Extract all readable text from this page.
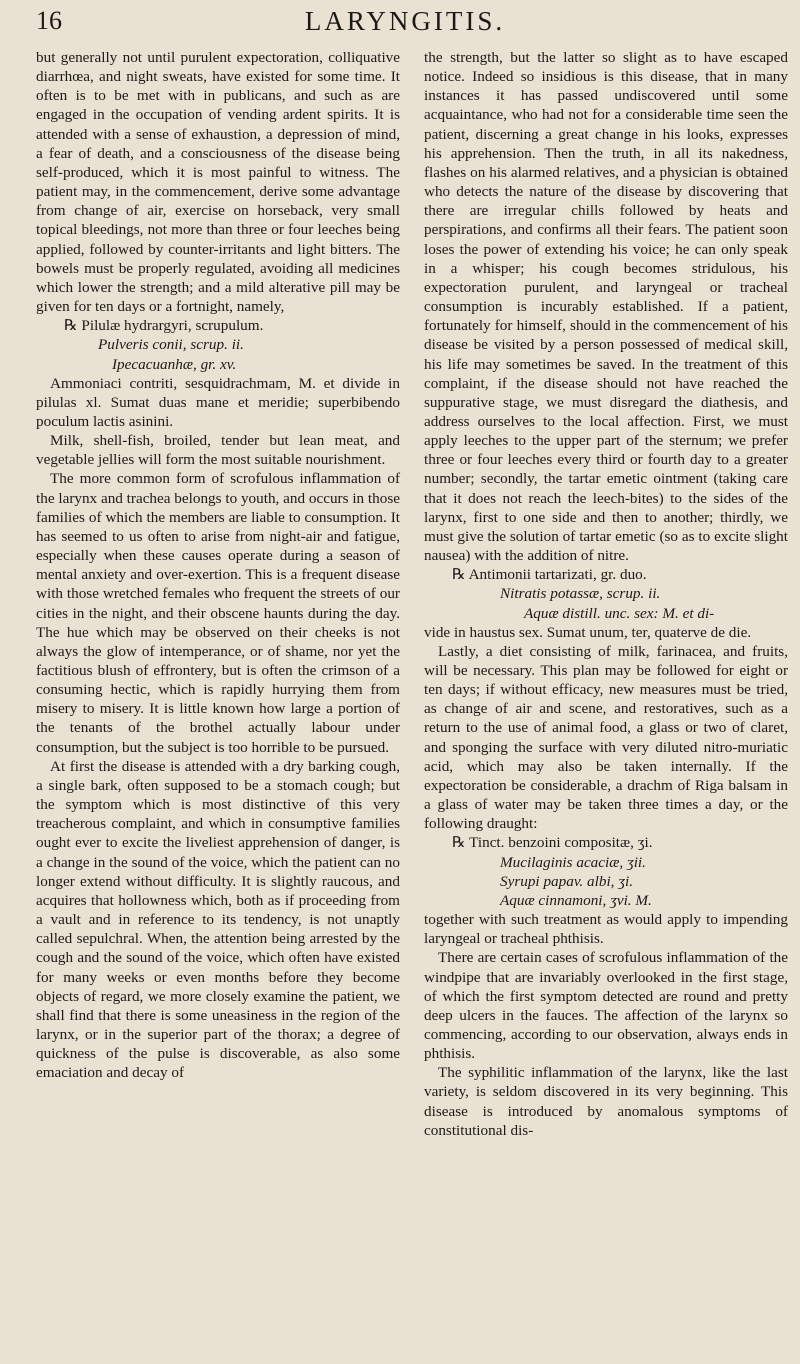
16	LARYNGITIS.

but generally not until purulent expectoration, colliquative diarrhœa, and night sweats, have existed for some time. It often is to be met with in publicans, and such as are engaged in the occupation of vending ardent spirits. It is attended with a sense of exhaustion, a depression of mind, a fear of death, and a consciousness of the disease being self-produced, which it is most painful to witness. The patient may, in the commencement, derive some advantage from change of air, exercise on horseback, very small topical bleedings, not more than three or four leeches being applied, followed by counter-irritants and light bitters. The bowels must be properly regulated, avoiding all medicines which lower the strength; and a mild alterative pill may be given for ten days or a fortnight, namely,

℞ Pilulæ hydrargyri, scrupulum.

Pulveris conii, scrup. ii.

Ipecacuanhæ, gr. xv.

Ammoniaci contriti, sesquidrachmam, M. et divide in pilulas xl. Sumat duas mane et meridie; superbibendo poculum lactis asinini.

Milk, shell-fish, broiled, tender but lean meat, and vegetable jellies will form the most suitable nourishment.

The more common form of scrofulous inflammation of the larynx and trachea belongs to youth, and occurs in those families of which the members are liable to consumption. It has seemed to us often to arise from night-air and fatigue, especially when these causes operate during a season of mental anxiety and over-exertion. This is a frequent disease with those wretched females who frequent the streets of our cities in the night, and their obscene haunts during the day. The hue which may be observed on their cheeks is not always the glow of intemperance, or of shame, nor yet the factitious blush of effrontery, but is often the crimson of a consuming hectic, which is rapidly hurrying them from misery to misery. It is little known how large a portion of the tenants of the brothel actually labour under consumption, but the subject is too horrible to be pursued.

At first the disease is attended with a dry barking cough, a single bark, often supposed to be a stomach cough; but the symptom which is most distinctive of this very treacherous complaint, and which in consumptive families ought ever to excite the liveliest apprehension of danger, is a change in the sound of the voice, which the patient can no longer extend without difficulty. It is slightly raucous, and acquires that hollowness which, both as if proceeding from a vault and in reference to its tendency, is not unaptly called sepulchral. When, the attention being arrested by the cough and the sound of the voice, which often have existed for many weeks or even months before they become objects of regard, we more closely examine the patient, we shall find that there is some uneasiness in the region of the larynx, or in the superior part of the thorax; a degree of quickness of the pulse is discoverable, as also some emaciation and decay of

the strength, but the latter so slight as to have escaped notice. Indeed so insidious is this disease, that in many instances it has passed undiscovered until some acquaintance, who had not for a considerable time seen the patient, discerning a great change in his looks, expresses his apprehension. Then the truth, in all its nakedness, flashes on his alarmed relatives, and a physician is obtained who detects the nature of the disease by discovering that there are irregular chills followed by heats and perspirations, and confirms all their fears. The patient soon loses the power of extending his voice; he can only speak in a whisper; his cough becomes stridulous, his expectoration purulent, and laryngeal or tracheal consumption is incurably established. If a patient, fortunately for himself, should in the commencement of his disease be visited by a person possessed of medical skill, his life may sometimes be saved. In the treatment of this complaint, if the disease should not have reached the suppurative stage, we must disregard the diathesis, and address ourselves to the local affection. First, we must apply leeches to the upper part of the sternum; we prefer three or four leeches every third or fourth day to a greater number; secondly, the tartar emetic ointment (taking care that it does not reach the leech-bites) to the sides of the larynx, first to one side and then to another; thirdly, we must give the solution of tartar emetic (so as to excite slight nausea) with the addition of nitre.

℞ Antimonii tartarizati, gr. duo.

Nitratis potassæ, scrup. ii.

Aquæ distill. unc. sex: M. et di-

vide in haustus sex. Sumat unum, ter, quaterve de die.

Lastly, a diet consisting of milk, farinacea, and fruits, will be necessary. This plan may be followed for eight or ten days; if without efficacy, new measures must be tried, as change of air and scene, and restoratives, such as a return to the use of animal food, a glass or two of claret, and sponging the surface with very diluted nitro-muriatic acid, which may also be taken internally. If the expectoration be considerable, a drachm of Riga balsam in a glass of water may be taken three times a day, or the following draught:

℞ Tinct. benzoini compositæ, ʒi.

Mucilaginis acaciæ, ʒii.

Syrupi papav. albi, ʒi.

Aquæ cinnamoni, ʒvi. M.

together with such treatment as would apply to impending laryngeal or tracheal phthisis.

There are certain cases of scrofulous inflammation of the windpipe that are invariably overlooked in the first stage, of which the first symptom detected are round and pretty deep ulcers in the fauces. The affection of the larynx so commencing, according to our observation, always ends in phthisis.

The syphilitic inflammation of the larynx, like the last variety, is seldom discovered in its very beginning. This disease is introduced by anomalous symptoms of constitutional dis-
